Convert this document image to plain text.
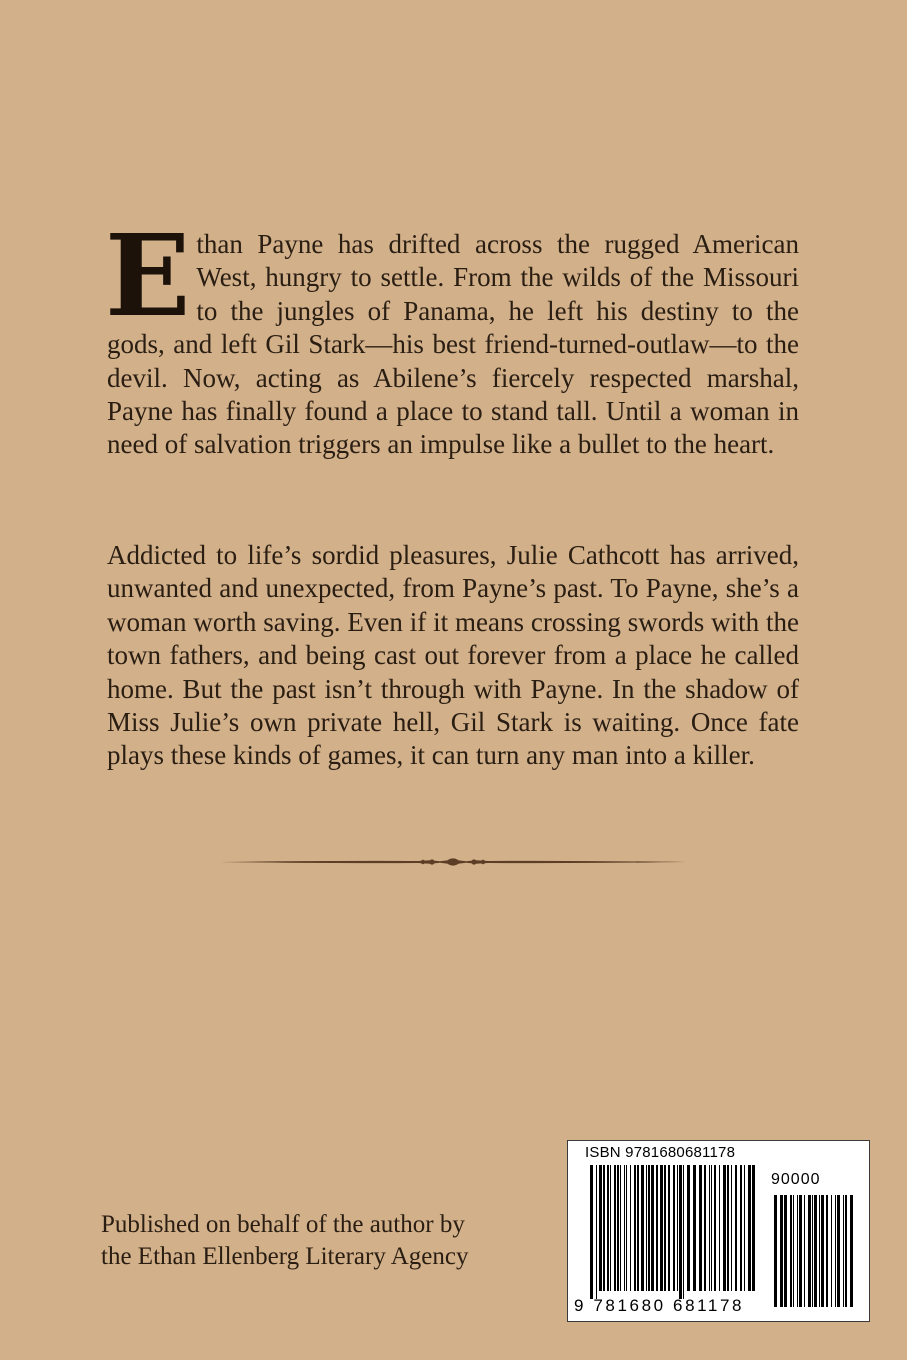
Ethan Payne has drifted across the rugged American West, hungry to settle. From the wilds of the Missouri to the jungles of Panama, he left his destiny to the gods, and left Gil Stark—his best friend-turned-outlaw—to the devil. Now, acting as Abilene’s fiercely respected marshal, Payne has finally found a place to stand tall. Until a woman in need of salvation triggers an impulse like a bullet to the heart.

Addicted to life’s sordid pleasures, Julie Cathcott has arrived, unwanted and unexpected, from Payne’s past. To Payne, she’s a woman worth saving. Even if it means crossing swords with the town fathers, and being cast out forever from a place he called home. But the past isn’t through with Payne. In the shadow of Miss Julie’s own private hell, Gil Stark is waiting. Once fate plays these kinds of games, it can turn any man into a killer.

Published on behalf of the author by
the Ethan Ellenberg Literary Agency
ISBN 9781680681178
90000
9 781680 681178
